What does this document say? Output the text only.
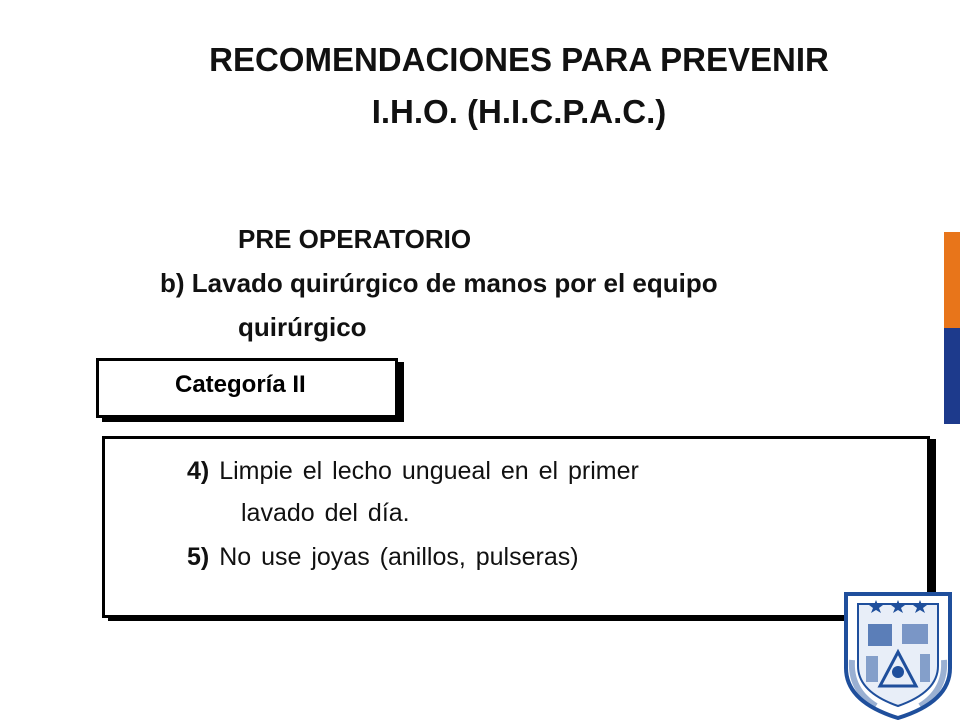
RECOMENDACIONES PARA PREVENIR
I.H.O. (H.I.C.P.A.C.)
PRE OPERATORIO
b) Lavado quirúrgico de manos por el equipo
quirúrgico
Categoría II
4) Limpie el lecho ungueal en el primer
lavado del día.
5) No use joyas (anillos, pulseras)
